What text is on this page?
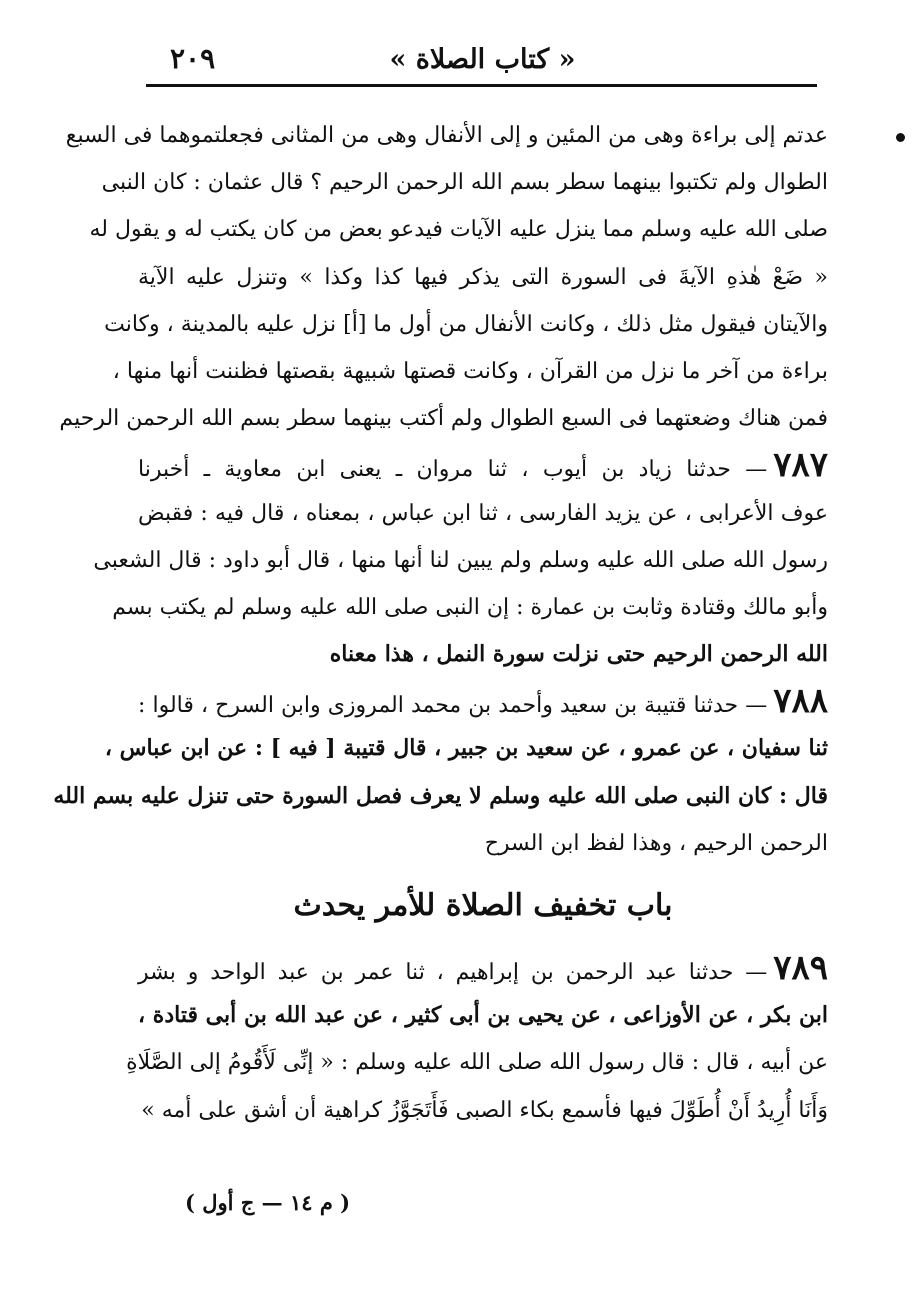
« كتاب الصلاة »
٢٠٩
عدتم إلى براءة وهى من المئين و إلى الأنفال وهى من المثانى فجعلتموهما فى السبع
الطوال ولم تكتبوا بينهما سطر بسم الله الرحمن الرحيم ؟ قال عثمان : كان النبى
صلى الله عليه وسلم مما ينزل عليه الآيات فيدعو بعض من كان يكتب له و يقول له
« ضَعْ هٰذهِ الآيةَ فى السورة التى يذكر فيها كذا وكذا » وتنزل عليه الآية
والآيتان فيقول مثل ذلك ، وكانت الأنفال من أول ما [أ] نزل عليه بالمدينة ، وكانت
براءة من آخر ما نزل من القرآن ، وكانت قصتها شبيهة بقصتها فظننت أنها منها ،
فمن هناك وضعتهما فى السبع الطوال ولم أكتب بينهما سطر بسم الله الرحمن الرحيم
٧٨٧— حدثنا زياد بن أيوب ، ثنا مروان ـ يعنى ابن معاوية ـ أخبرنا
عوف الأعرابى ، عن يزيد الفارسى ، ثنا ابن عباس ، بمعناه ، قال فيه : فقبض
رسول الله صلى الله عليه وسلم ولم يبين لنا أنها منها ، قال أبو داود : قال الشعبى
وأبو مالك وقتادة وثابت بن عمارة : إن النبى صلى الله عليه وسلم لم يكتب بسم
الله الرحمن الرحيم حتى نزلت سورة النمل ، هذا معناه
٧٨٨— حدثنا قتيبة بن سعيد وأحمد بن محمد المروزى وابن السرح ، قالوا :
ثنا سفيان ، عن عمرو ، عن سعيد بن جبير ، قال قتيبة [ فيه ] : عن ابن عباس ،
قال : كان النبى صلى الله عليه وسلم لا يعرف فصل السورة حتى تنزل عليه بسم الله
الرحمن الرحيم ، وهذا لفظ ابن السرح
باب تخفيف الصلاة للأمر يحدث
٧٨٩— حدثنا عبد الرحمن بن إبراهيم ، ثنا عمر بن عبد الواحد و بشر
ابن بكر ، عن الأوزاعى ، عن يحيى بن أبى كثير ، عن عبد الله بن أبى قتادة ،
عن أبيه ، قال : قال رسول الله صلى الله عليه وسلم : « إنِّى لَأَقُومُ إلى الصَّلَاةِ
وَأَنَا أُرِيدُ أَنْ أُطَوِّلَ فيها فأسمع بكاء الصبى فَأَتَجَوَّزُ كراهية أن أشق على أمه »
( م ١٤ — ج أول )
